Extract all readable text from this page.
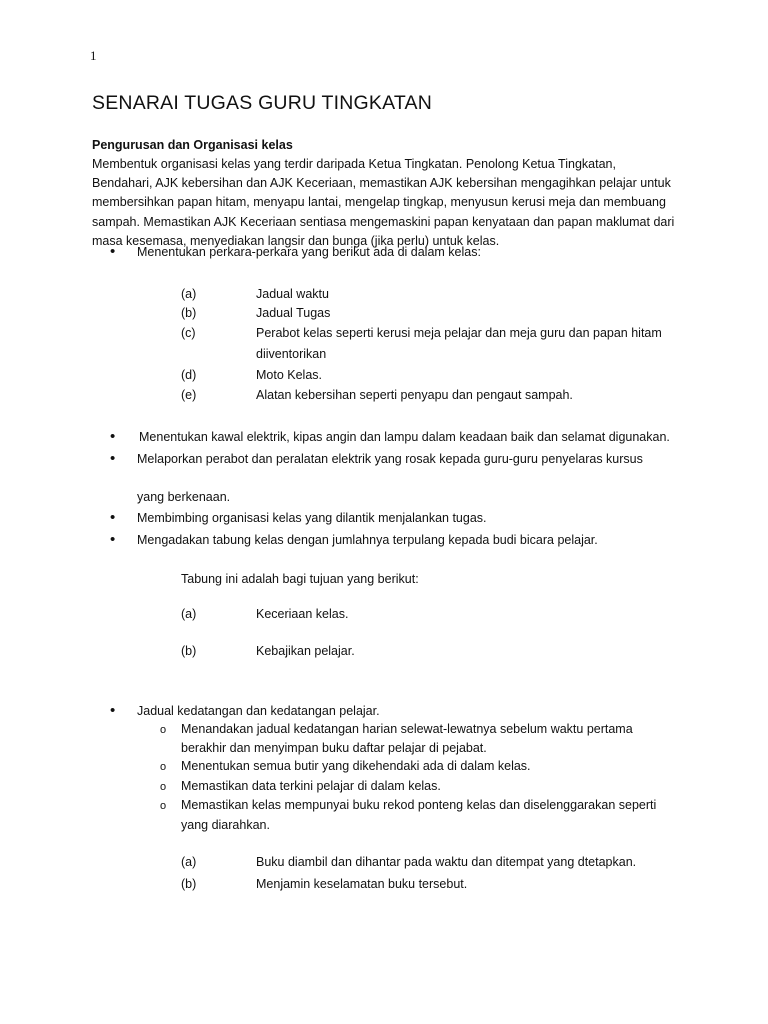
1
SENARAI TUGAS GURU TINGKATAN
Pengurusan dan Organisasi kelas
Membentuk organisasi kelas yang terdir daripada Ketua Tingkatan. Penolong Ketua Tingkatan,
Bendahari, AJK kebersihan dan AJK Keceriaan, memastikan AJK kebersihan mengagihkan pelajar untuk
membersihkan papan hitam, menyapu lantai, mengelap tingkap, menyusun kerusi meja dan membuang
sampah. Memastikan AJK Keceriaan sentiasa mengemaskini papan kenyataan dan papan maklumat dari
masa kesemasa, menyediakan langsir dan bunga (jika perlu) untuk kelas.
• Menentukan perkara-perkara yang berikut ada di dalam kelas:
(a)	Jadual waktu
(b)	Jadual Tugas
(c)	Perabot kelas seperti kerusi meja pelajar dan meja guru dan papan hitam
diiventorikan
(d)	Moto Kelas.
(e)	Alatan kebersihan seperti penyapu dan pengaut sampah.
• Menentukan kawal elektrik, kipas angin dan lampu dalam keadaan baik dan selamat digunakan.
• Melaporkan perabot dan peralatan elektrik yang rosak kepada guru-guru penyelaras kursus
yang berkenaan.
• Membimbing organisasi kelas yang dilantik menjalankan tugas.
• Mengadakan tabung kelas dengan jumlahnya terpulang kepada budi bicara pelajar.
Tabung ini adalah bagi tujuan yang berikut:
(a)	Keceriaan kelas.
(b)	Kebajikan pelajar.
• Jadual kedatangan dan kedatangan pelajar.
o Menandakan jadual kedatangan harian selewat-lewatnya sebelum waktu pertama
berakhir dan menyimpan buku daftar pelajar di pejabat.
o Menentukan semua butir yang dikehendaki ada di dalam kelas.
o Memastikan data terkini pelajar di dalam kelas.
o Memastikan kelas mempunyai buku rekod ponteng kelas dan diselenggarakan seperti
yang diarahkan.
(a)	Buku diambil dan dihantar pada waktu dan ditempat yang dtetapkan.
(b)	Menjamin keselamatan buku tersebut.
